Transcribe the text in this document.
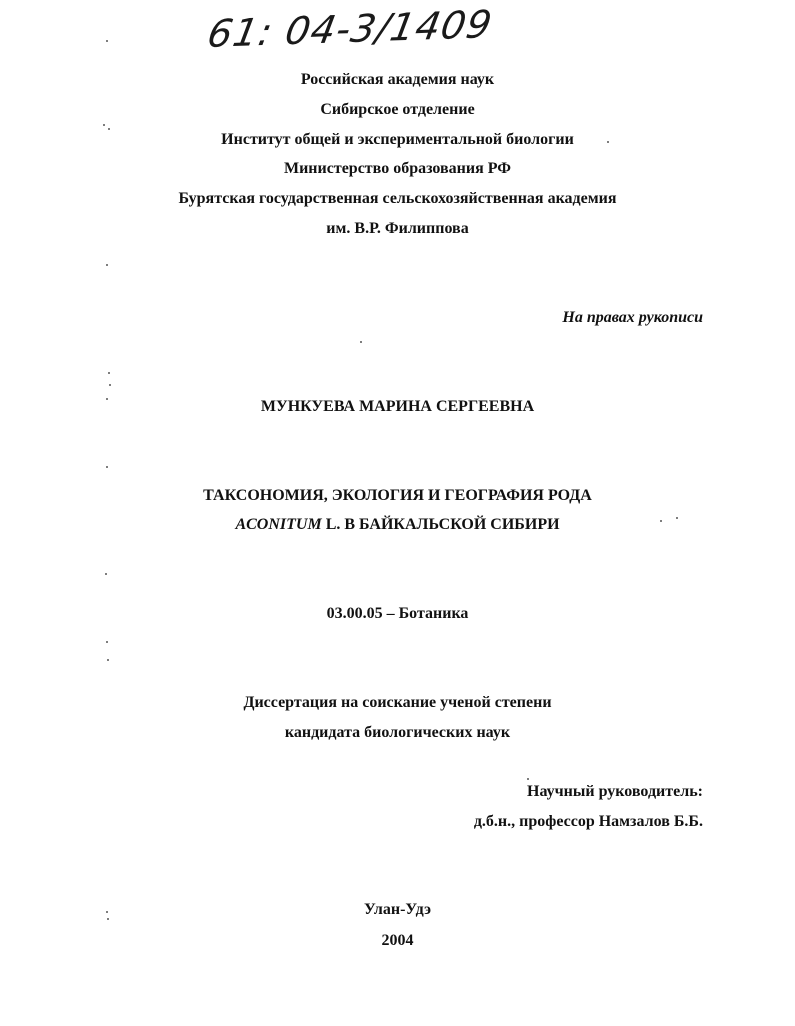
61: 04-3/1409
Российская академия наук
Сибирское отделение
Институт общей и экспериментальной биологии
Министерство образования РФ
Бурятская государственная сельскохозяйственная академия
им. В.Р. Филиппова
На правах рукописи
МУНКУЕВА МАРИНА СЕРГЕЕВНА
ТАКСОНОМИЯ, ЭКОЛОГИЯ И ГЕОГРАФИЯ РОДА
ACONITUM L. В БАЙКАЛЬСКОЙ СИБИРИ
03.00.05 – Ботаника
Диссертация на соискание ученой степени
кандидата биологических наук
Научный руководитель:
д.б.н., профессор Намзалов Б.Б.
Улан-Удэ
2004
